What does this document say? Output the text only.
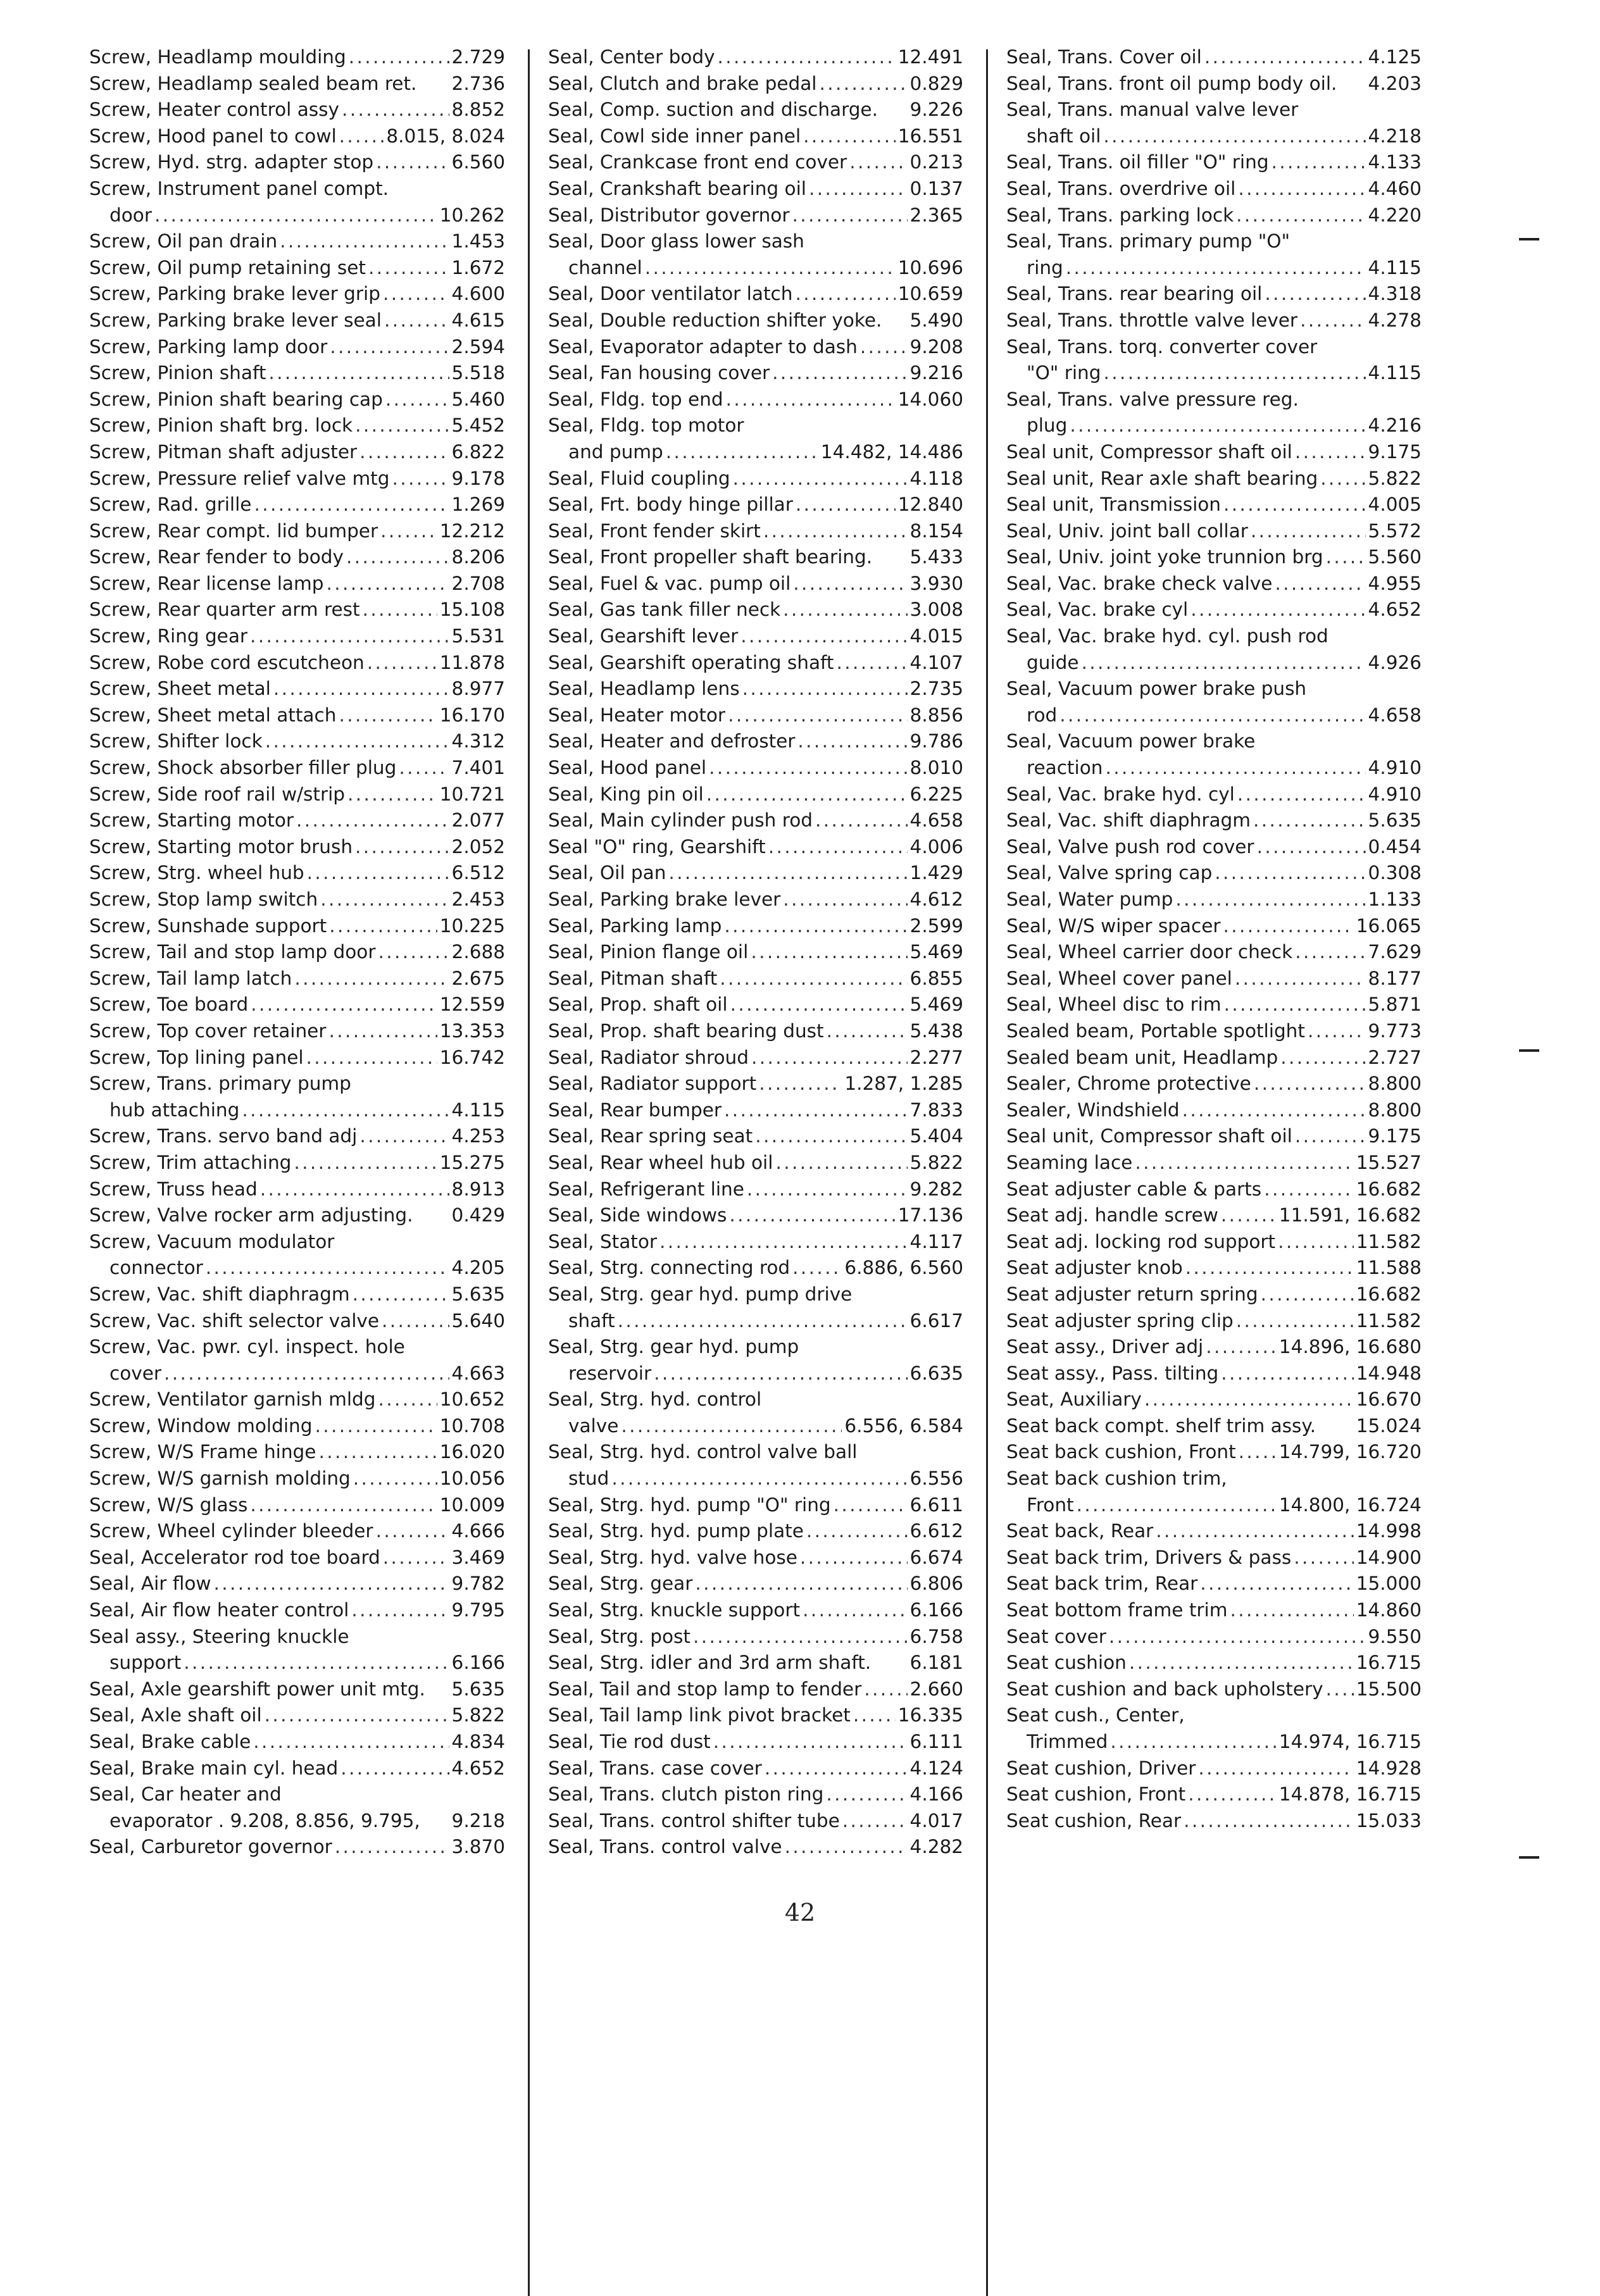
Screw, Headlamp moulding . . .	2.729
Screw, Headlamp sealed beam ret. 2.736
Screw, Heater control assy . . .	8.852
Screw, Hood panel to cowl . . .	8.015, 8.024
Screw, Hyd. strg. adapter stop . . .	6.560
Screw, Instrument panel compt.
door . . .	10.262
Screw, Oil pan drain . . .	1.453
Screw, Oil pump retaining set . . .	1.672
Screw, Parking brake lever grip . . .	4.600
Screw, Parking brake lever seal . . .	4.615
Screw, Parking lamp door . . .	2.594
Screw, Pinion shaft . . .	5.518
Screw, Pinion shaft bearing cap . . .	5.460
Screw, Pinion shaft brg. lock . . .	5.452
Screw, Pitman shaft adjuster . . .	6.822
Screw, Pressure relief valve mtg . . .	9.178
Screw, Rad. grille . . .	1.269
Screw, Rear compt. lid bumper . . .	12.212
Screw, Rear fender to body . . .	8.206
Screw, Rear license lamp . . .	2.708
Screw, Rear quarter arm rest . . .	15.108
Screw, Ring gear . . .	5.531
Screw, Robe cord escutcheon . . .	11.878
Screw, Sheet metal . . .	8.977
Screw, Sheet metal attach . . .	16.170
Screw, Shifter lock . . .	4.312
Screw, Shock absorber filler plug . . .	7.401
Screw, Side roof rail w/strip . . .	10.721
Screw, Starting motor . . .	2.077
Screw, Starting motor brush . . .	2.052
Screw, Strg. wheel hub . . .	6.512
Screw, Stop lamp switch . . .	2.453
Screw, Sunshade support . . .	10.225
Screw, Tail and stop lamp door . . .	2.688
Screw, Tail lamp latch . . .	2.675
Screw, Toe board . . .	12.559
Screw, Top cover retainer . . .	13.353
Screw, Top lining panel . . .	16.742
Screw, Trans. primary pump
hub attaching . . .	4.115
Screw, Trans. servo band adj . . .	4.253
Screw, Trim attaching . . .	15.275
Screw, Truss head . . .	8.913
Screw, Valve rocker arm adjusting. 0.429
Screw, Vacuum modulator
connector . . .	4.205
Screw, Vac. shift diaphragm . . .	5.635
Screw, Vac. shift selector valve . . .	5.640
Screw, Vac. pwr. cyl. inspect. hole
cover . . .	4.663
Screw, Ventilator garnish mldg . . .	10.652
Screw, Window molding . . .	10.708
Screw, W/S Frame hinge . . .	16.020
Screw, W/S garnish molding . . .	10.056
Screw, W/S glass . . .	10.009
Screw, Wheel cylinder bleeder . . .	4.666
Seal, Accelerator rod toe board . . .	3.469
Seal, Air flow . . .	9.782
Seal, Air flow heater control . . .	9.795
Seal assy., Steering knuckle
support . . .	6.166
Seal, Axle gearshift power unit mtg. 5.635
Seal, Axle shaft oil . . .	5.822
Seal, Brake cable . . .	4.834
Seal, Brake main cyl. head . . .	4.652
Seal, Car heater and
evaporator . 9.208, 8.856, 9.795, 9.218
Seal, Carburetor governor . . .	3.870
Seal, Center body . . .	12.491
Seal, Clutch and brake pedal . . .	0.829
Seal, Comp. suction and discharge. 9.226
Seal, Cowl side inner panel . . .	16.551
Seal, Crankcase front end cover . . .	0.213
Seal, Crankshaft bearing oil . . .	0.137
Seal, Distributor governor . . .	2.365
Seal, Door glass lower sash
channel . . .	10.696
Seal, Door ventilator latch . . .	10.659
Seal, Double reduction shifter yoke. 5.490
Seal, Evaporator adapter to dash . . .	9.208
Seal, Fan housing cover . . .	9.216
Seal, Fldg. top end . . .	14.060
Seal, Fldg. top motor
and pump . . .	14.482, 14.486
Seal, Fluid coupling . . .	4.118
Seal, Frt. body hinge pillar . . .	12.840
Seal, Front fender skirt . . .	8.154
Seal, Front propeller shaft bearing. 5.433
Seal, Fuel & vac. pump oil . . .	3.930
Seal, Gas tank filler neck . . .	3.008
Seal, Gearshift lever . . .	4.015
Seal, Gearshift operating shaft . . .	4.107
Seal, Headlamp lens . . .	2.735
Seal, Heater motor . . .	8.856
Seal, Heater and defroster . . .	9.786
Seal, Hood panel . . .	8.010
Seal, King pin oil . . .	6.225
Seal, Main cylinder push rod . . .	4.658
Seal "O" ring, Gearshift . . .	4.006
Seal, Oil pan . . .	1.429
Seal, Parking brake lever . . .	4.612
Seal, Parking lamp . . .	2.599
Seal, Pinion flange oil . . .	5.469
Seal, Pitman shaft . . .	6.855
Seal, Prop. shaft oil . . .	5.469
Seal, Prop. shaft bearing dust . . .	5.438
Seal, Radiator shroud . . .	2.277
Seal, Radiator support . . .	1.287, 1.285
Seal, Rear bumper . . .	7.833
Seal, Rear spring seat . . .	5.404
Seal, Rear wheel hub oil . . .	5.822
Seal, Refrigerant line . . .	9.282
Seal, Side windows . . .	17.136
Seal, Stator . . .	4.117
Seal, Strg. connecting rod . . .	6.886, 6.560
Seal, Strg. gear hyd. pump drive
shaft . . .	6.617
Seal, Strg. gear hyd. pump
reservoir . . .	6.635
Seal, Strg. hyd. control
valve . . .	6.556, 6.584
Seal, Strg. hyd. control valve ball
stud . . .	6.556
Seal, Strg. hyd. pump "O" ring . . .	6.611
Seal, Strg. hyd. pump plate . . .	6.612
Seal, Strg. hyd. valve hose . . .	6.674
Seal, Strg. gear . . .	6.806
Seal, Strg. knuckle support . . .	6.166
Seal, Strg. post . . .	6.758
Seal, Strg. idler and 3rd arm shaft. 6.181
Seal, Tail and stop lamp to fender . . .	2.660
Seal, Tail lamp link pivot bracket . . .	16.335
Seal, Tie rod dust . . .	6.111
Seal, Trans. case cover . . .	4.124
Seal, Trans. clutch piston ring . . .	4.166
Seal, Trans. control shifter tube . . .	4.017
Seal, Trans. control valve . . .	4.282
Seal, Trans. Cover oil . . .	4.125
Seal, Trans. front oil pump body oil. 4.203
Seal, Trans. manual valve lever
shaft oil . . .	4.218
Seal, Trans. oil filler "O" ring . . .	4.133
Seal, Trans. overdrive oil . . .	4.460
Seal, Trans. parking lock . . .	4.220
Seal, Trans. primary pump "O"
ring . . .	4.115
Seal, Trans. rear bearing oil . . .	4.318
Seal, Trans. throttle valve lever . . .	4.278
Seal, Trans. torq. converter cover
"O" ring . . .	4.115
Seal, Trans. valve pressure reg.
plug . . .	4.216
Seal unit, Compressor shaft oil . . .	9.175
Seal unit, Rear axle shaft bearing . . .	5.822
Seal unit, Transmission . . .	4.005
Seal, Univ. joint ball collar . . .	5.572
Seal, Univ. joint yoke trunnion brg . . . 5.560
Seal, Vac. brake check valve . . .	4.955
Seal, Vac. brake cyl . . .	4.652
Seal, Vac. brake hyd. cyl. push rod
guide . . .	4.926
Seal, Vacuum power brake push
rod . . .	4.658
Seal, Vacuum power brake
reaction . . .	4.910
Seal, Vac. brake hyd. cyl . . .	4.910
Seal, Vac. shift diaphragm . . .	5.635
Seal, Valve push rod cover . . .	0.454
Seal, Valve spring cap . . .	0.308
Seal, Water pump . . .	1.133
Seal, W/S wiper spacer . . .	16.065
Seal, Wheel carrier door check . . .	7.629
Seal, Wheel cover panel . . .	8.177
Seal, Wheel disc to rim . . .	5.871
Sealed beam, Portable spotlight . . .	9.773
Sealed beam unit, Headlamp . . .	2.727
Sealer, Chrome protective . . .	8.800
Sealer, Windshield . . .	8.800
Seal unit, Compressor shaft oil . . .	9.175
Seaming lace . . .	15.527
Seat adjuster cable & parts . . .	16.682
Seat adj. handle screw . . .	11.591, 16.682
Seat adj. locking rod support . . .	11.582
Seat adjuster knob . . .	11.588
Seat adjuster return spring . . .	16.682
Seat adjuster spring clip . . .	11.582
Seat assy., Driver adj . . .	14.896, 16.680
Seat assy., Pass. tilting . . .	14.948
Seat, Auxiliary . . .	16.670
Seat back compt. shelf trim assy. 15.024
Seat back cushion, Front . . . 14.799, 16.720
Seat back cushion trim,
Front . . .	14.800, 16.724
Seat back, Rear . . .	14.998
Seat back trim, Drivers & pass . . .	14.900
Seat back trim, Rear . . .	15.000
Seat bottom frame trim . . .	14.860
Seat cover . . .	9.550
Seat cushion . . .	16.715
Seat cushion and back upholstery . . . 15.500
Seat cush., Center,
Trimmed . . .	14.974, 16.715
Seat cushion, Driver . . .	14.928
Seat cushion, Front . . .	14.878, 16.715
Seat cushion, Rear . . .	15.033
42
